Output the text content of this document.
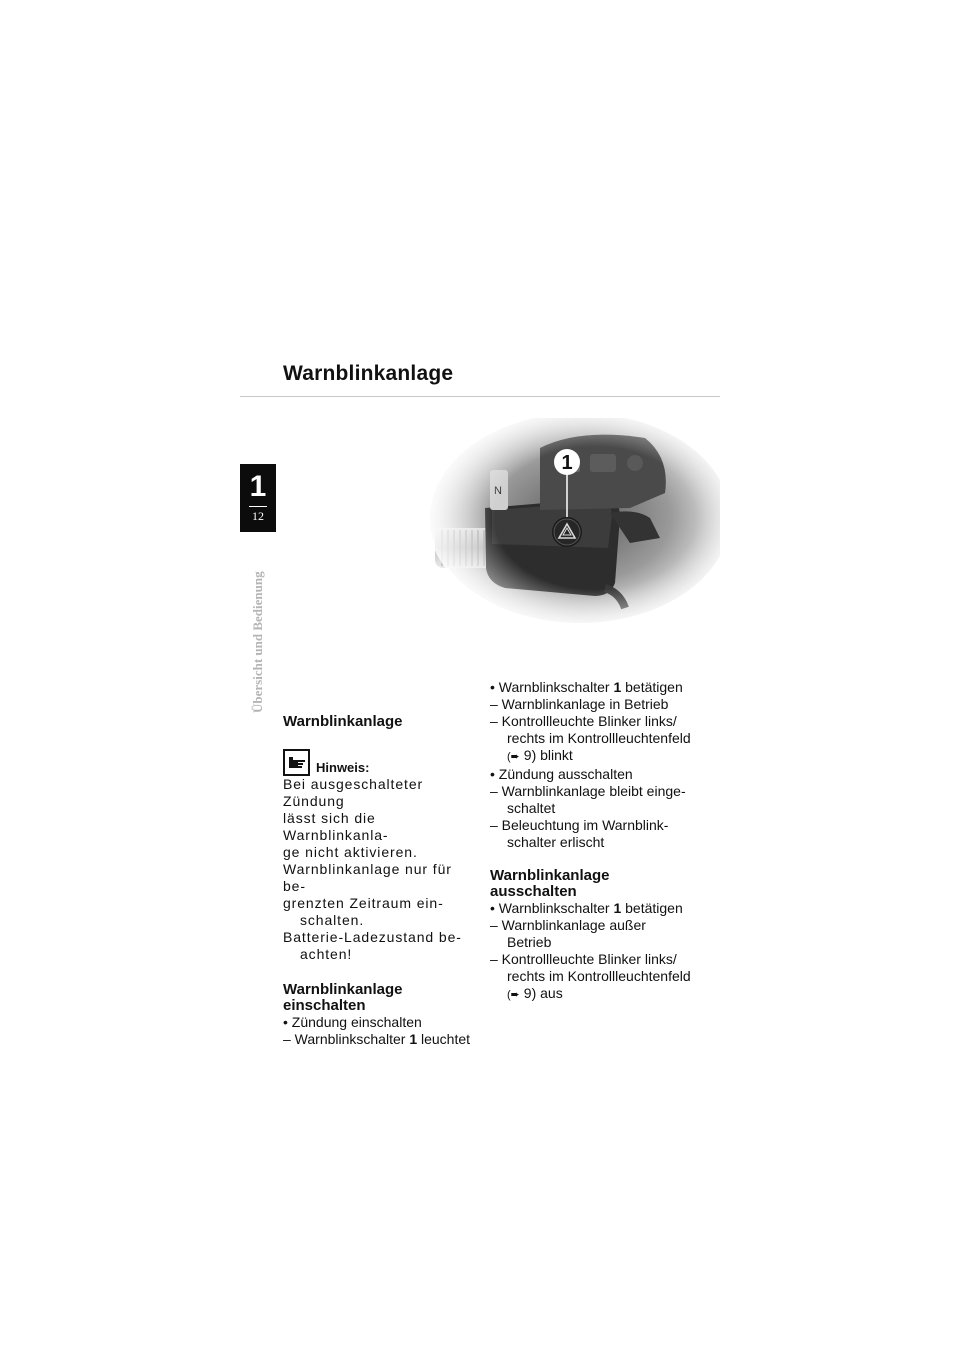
Warnblinkanlage
1
12
Übersicht und Bedienung
Warnblinkanlage
Hinweis:
Bei ausgeschalteter Zündung
lässt sich die Warnblinkanla-
ge nicht aktivieren.
Warnblinkanlage nur für be-
grenzten Zeitraum ein-
schalten.
Batterie-Ladezustand be-
achten!
Warnblinkanlage
einschalten
• Zündung einschalten
– Warnblinkschalter 1 leuchtet
• Warnblinkschalter 1 betätigen
– Warnblinkanlage in Betrieb
– Kontrollleuchte Blinker links/
rechts im Kontrollleuchtenfeld
(➨ 9) blinkt
• Zündung ausschalten
– Warnblinkanlage bleibt einge-
schaltet
– Beleuchtung im Warnblink-
schalter erlischt
Warnblinkanlage
ausschalten
• Warnblinkschalter 1 betätigen
– Warnblinkanlage außer
Betrieb
– Kontrollleuchte Blinker links/
rechts im Kontrollleuchtenfeld
(➨ 9) aus
